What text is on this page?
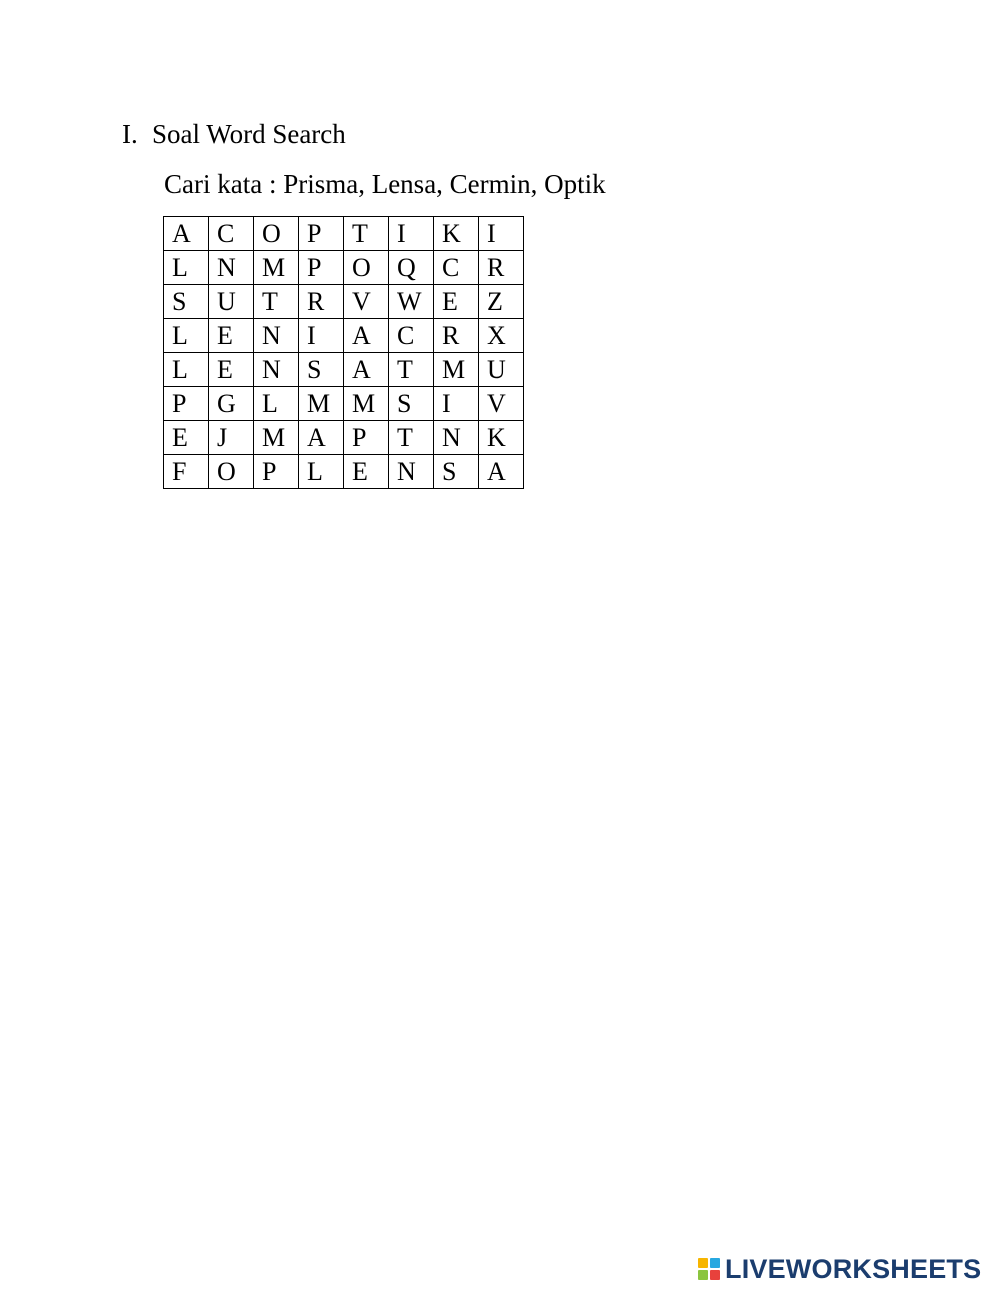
I. Soal Word Search
Cari kata : Prisma, Lensa, Cermin, Optik
A	C	O	P	T	I	K	I
L	N	M	P	O	Q	C	R
S	U	T	R	V	W	E	Z
L	E	N	I	A	C	R	X
L	E	N	S	A	T	M	U
P	G	L	M	M	S	I	V
E	J	M	A	P	T	N	K
F	O	P	L	E	N	S	A
LIVEWORKSHEETS
